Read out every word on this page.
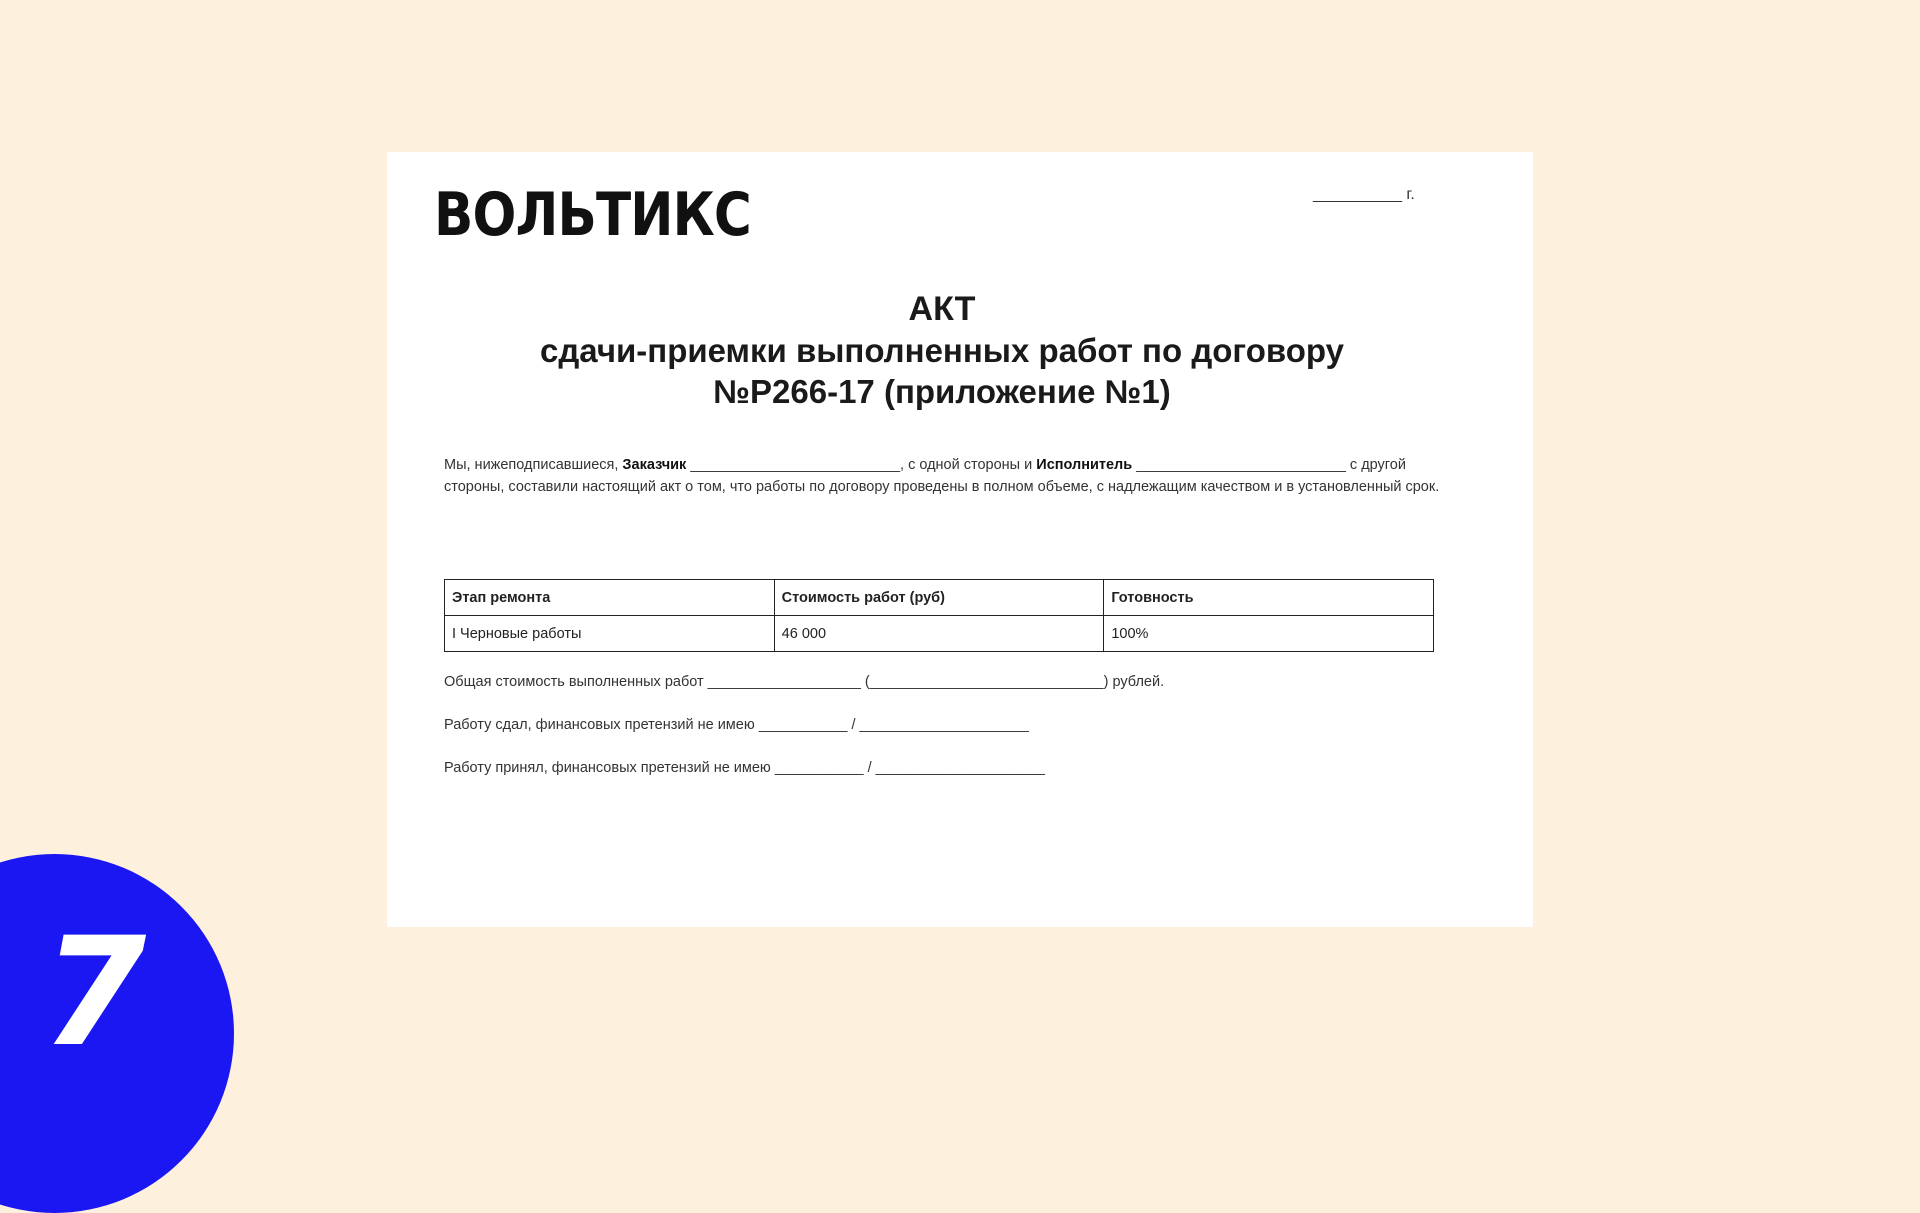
ВОЛЬТИКС	__________ г.
АКТ
сдачи-приемки выполненных работ по договору
№Р266-17 (приложение №1)
Мы, нижеподписавшиеся, Заказчик __________________________, с одной стороны и Исполнитель __________________________ с другой стороны, составили настоящий акт о том, что работы по договору проведены в полном объеме, с надлежащим качеством и в установленный срок.
Этап ремонта	Стоимость работ (руб)	Готовность
I Черновые работы	46 000	100%
Общая стоимость выполненных работ ___________________ (_____________________________) рублей.
Работу сдал, финансовых претензий не имею ___________ / _____________________
Работу принял, финансовых претензий не имею ___________ / _____________________
7
